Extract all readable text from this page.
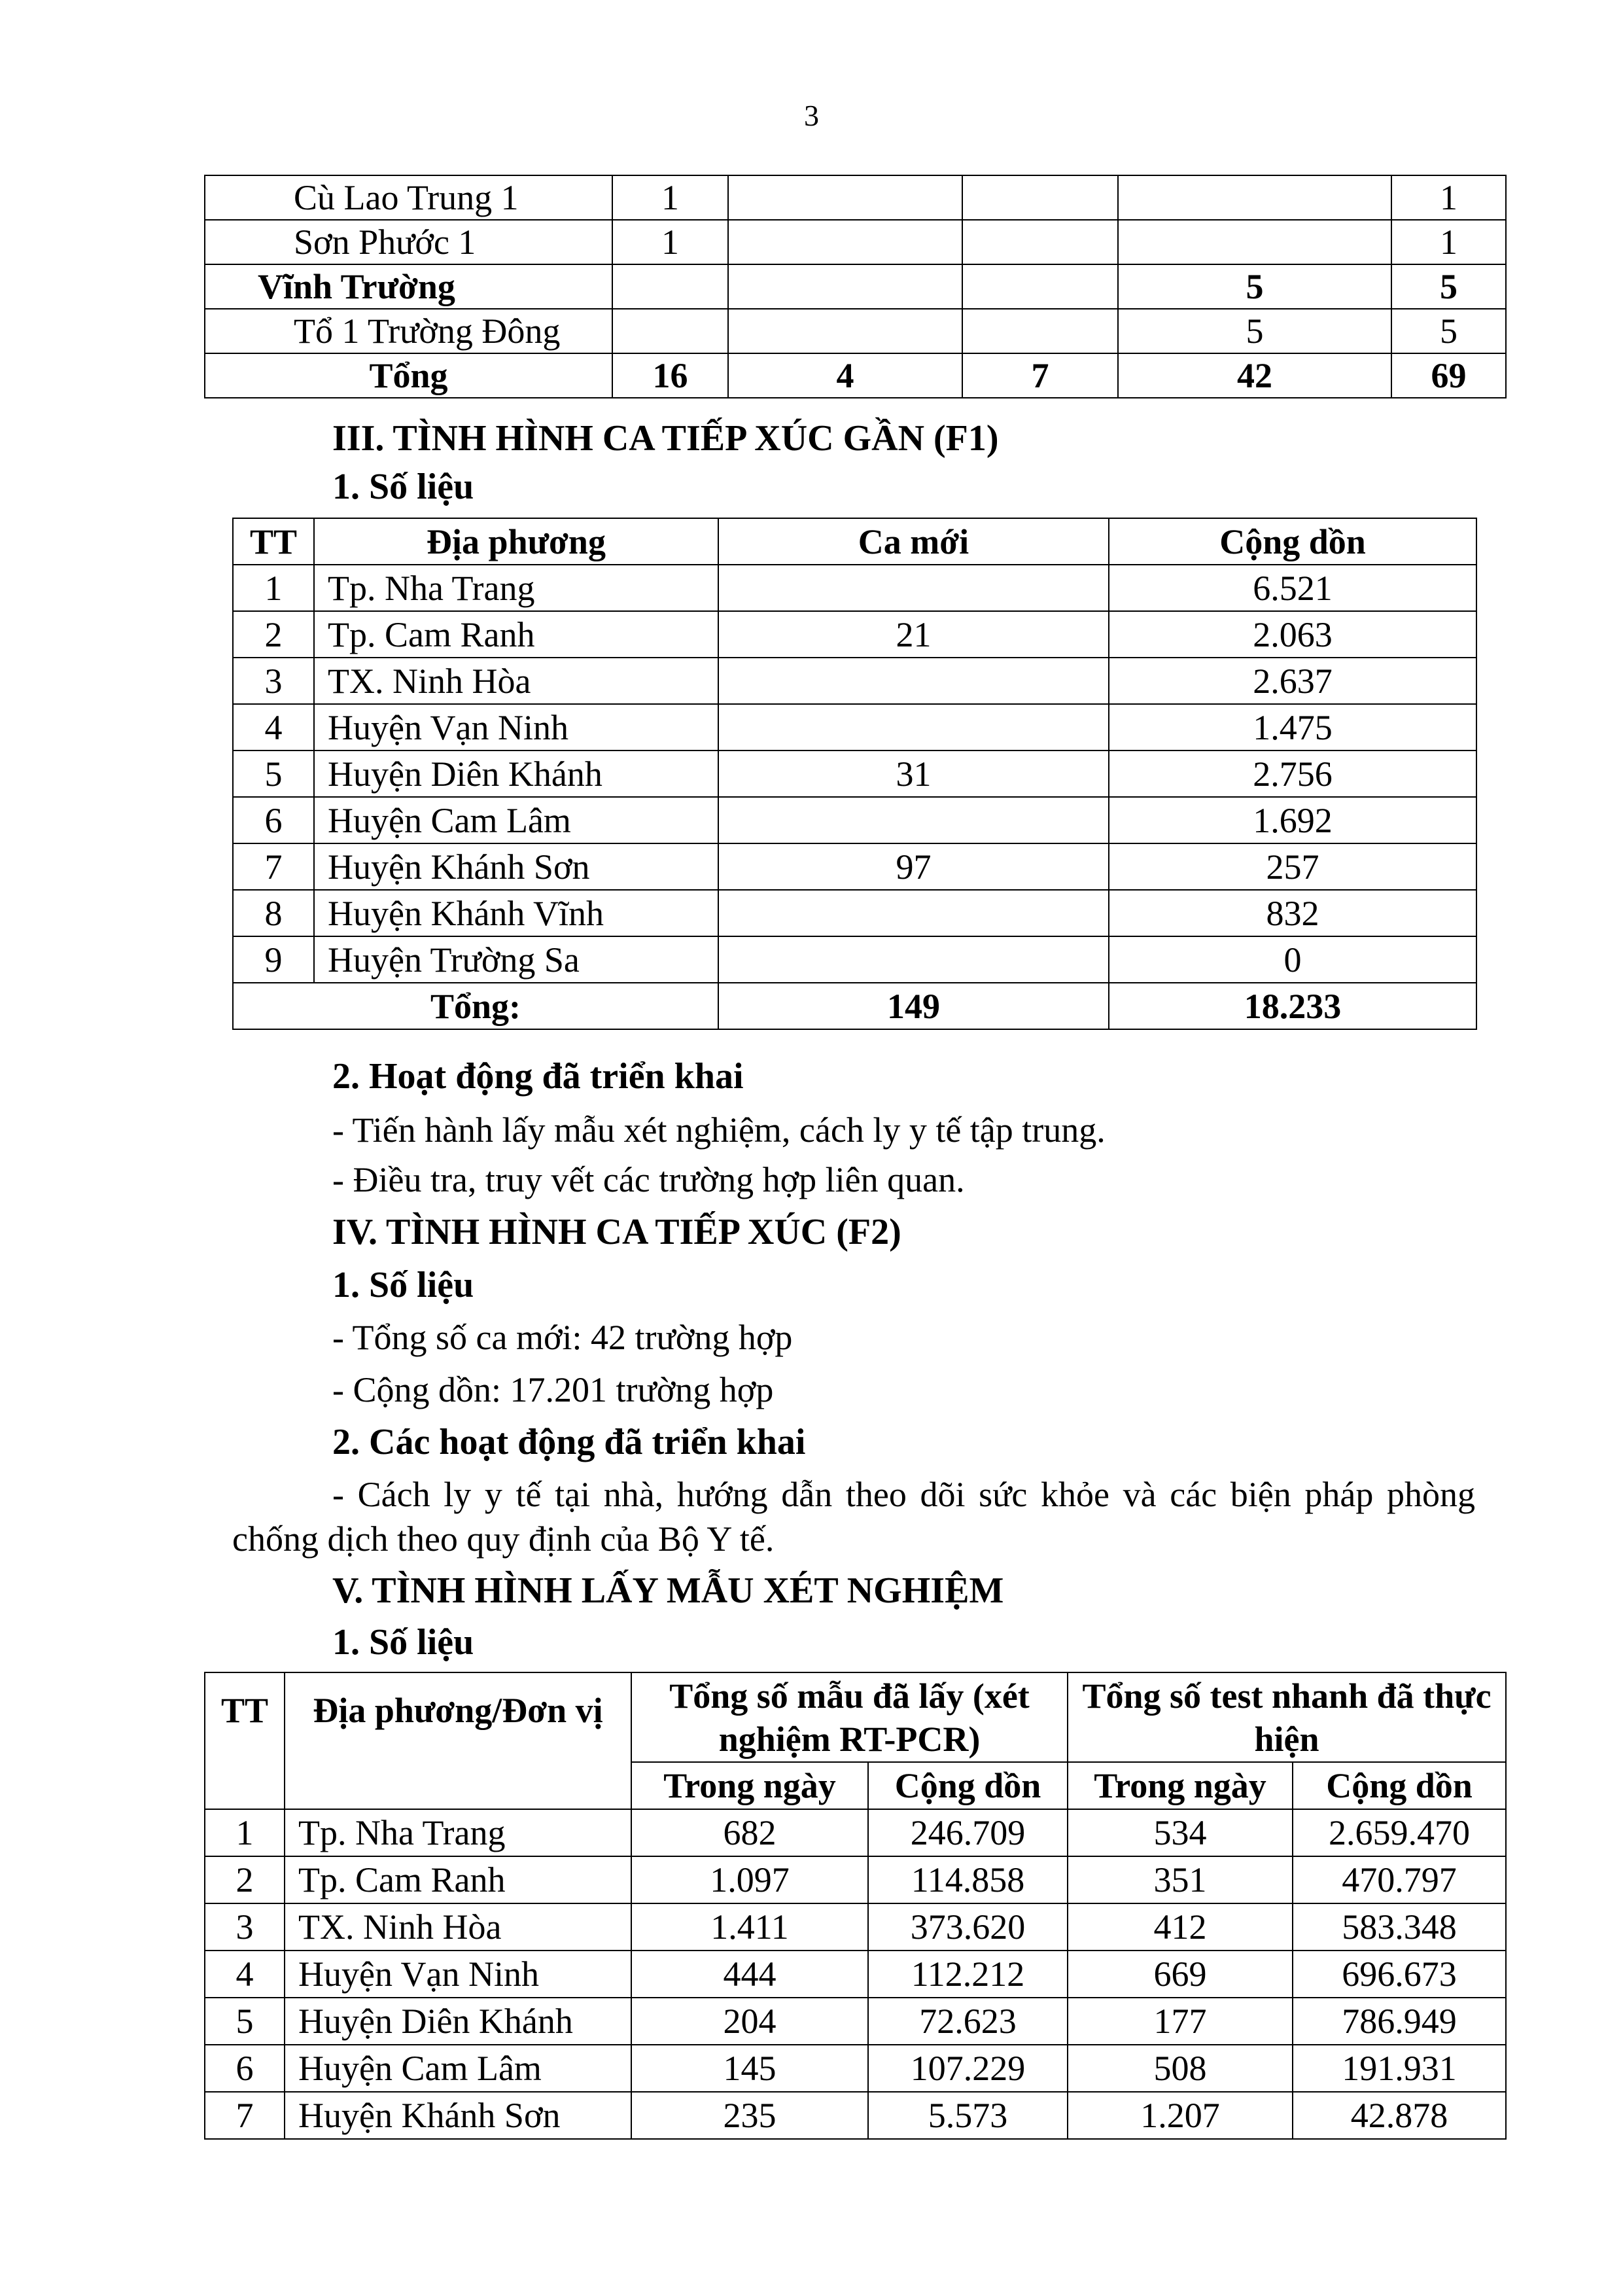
3
Cù Lao Trung 1	1				1
Sơn Phước 1	1				1
Vĩnh Trường				5	5
Tổ 1 Trường Đông				5	5
Tổng	16	4	7	42	69
III. TÌNH HÌNH CA TIẾP XÚC GẦN (F1)
1. Số liệu
TT	Địa phương	Ca mới	Cộng dồn
1	Tp. Nha Trang		6.521
2	Tp. Cam Ranh	21	2.063
3	TX. Ninh Hòa		2.637
4	Huyện Vạn Ninh		1.475
5	Huyện Diên Khánh	31	2.756
6	Huyện Cam Lâm		1.692
7	Huyện Khánh Sơn	97	257
8	Huyện Khánh Vĩnh		832
9	Huyện Trường Sa		0
Tổng:		149	18.233
2. Hoạt động đã triển khai
- Tiến hành lấy mẫu xét nghiệm, cách ly y tế tập trung.
- Điều tra, truy vết các trường hợp liên quan.
IV. TÌNH HÌNH CA TIẾP XÚC (F2)
1. Số liệu
- Tổng số ca mới: 42 trường hợp
- Cộng dồn: 17.201 trường hợp
2. Các hoạt động đã triển khai
- Cách ly y tế tại nhà, hướng dẫn theo dõi sức khỏe và các biện pháp phòng chống dịch theo quy định của Bộ Y tế.
V. TÌNH HÌNH LẤY MẪU XÉT NGHIỆM
1. Số liệu
TT	Địa phương/Đơn vị	Tổng số mẫu đã lấy (xét nghiệm RT-PCR)		Tổng số test nhanh đã thực hiện	
		Trong ngày	Cộng dồn	Trong ngày	Cộng dồn
1	Tp. Nha Trang	682	246.709	534	2.659.470
2	Tp. Cam Ranh	1.097	114.858	351	470.797
3	TX. Ninh Hòa	1.411	373.620	412	583.348
4	Huyện Vạn Ninh	444	112.212	669	696.673
5	Huyện Diên Khánh	204	72.623	177	786.949
6	Huyện Cam Lâm	145	107.229	508	191.931
7	Huyện Khánh Sơn	235	5.573	1.207	42.878
